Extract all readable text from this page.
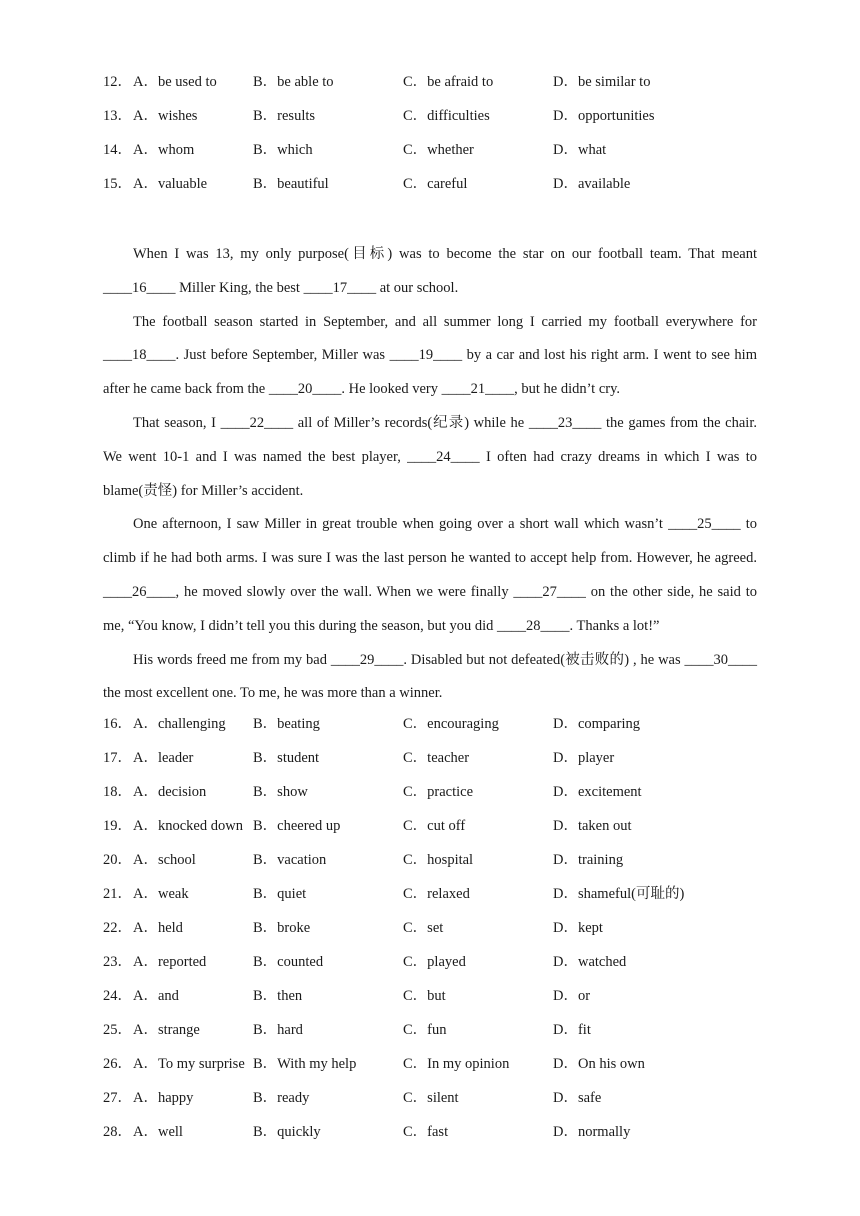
12． A．be used to B．be able to	C．be afraid to	D．be similar to
13． A．wishes	B．results	C．difficulties	D．opportunities
14． A．whom	B．which	C．whether	D．what
15． A．valuable	B．beautiful	C．careful	D．available

When I was 13, my only purpose(目标) was to become the star on our football team. That meant ____16____ Miller King, the best ____17____ at our school.

The football season started in September, and all summer long I carried my football everywhere for ____18____. Just before September, Miller was ____19____ by a car and lost his right arm. I went to see him after he came back from the ____20____. He looked very ____21____, but he didn’t cry.

That season, I ____22____ all of Miller’s records(纪录) while he ____23____ the games from the chair. We went 10-1 and I was named the best player, ____24____ I often had crazy dreams in which I was to blame(责怪) for Miller’s accident.

One afternoon, I saw Miller in great trouble when going over a short wall which wasn’t ____25____ to climb if he had both arms. I was sure I was the last person he wanted to accept help from. However, he agreed. ____26____, he moved slowly over the wall. When we were finally ____27____ on the other side, he said to me, “You know, I didn’t tell you this during the season, but you did ____28____. Thanks a lot!”

His words freed me from my bad ____29____. Disabled but not defeated(被击败的) , he was ____30____ the most excellent one. To me, he was more than a winner.

16． A．challenging B．beating	C．encouraging	D．comparing
17． A．leader	B．student	C．teacher	D．player
18． A．decision	B．show	C．practice	D．excitement
19． A．knocked down B．cheered up	C．cut off	D．taken out
20． A．school	B．vacation	C．hospital	D．training
21． A．weak	B．quiet	C．relaxed	D．shameful(可耻的)
22． A．held	B．broke	C．set	D．kept
23． A．reported	B．counted	C．played	D．watched
24． A．and	B．then	C．but	D．or
25． A．strange	B．hard	C．fun	D．fit
26． A．To my surprise B．With my help	C．In my opinion	D．On his own
27． A．happy	B．ready	C．silent	D．safe
28． A．well	B．quickly	C．fast	D．normally
